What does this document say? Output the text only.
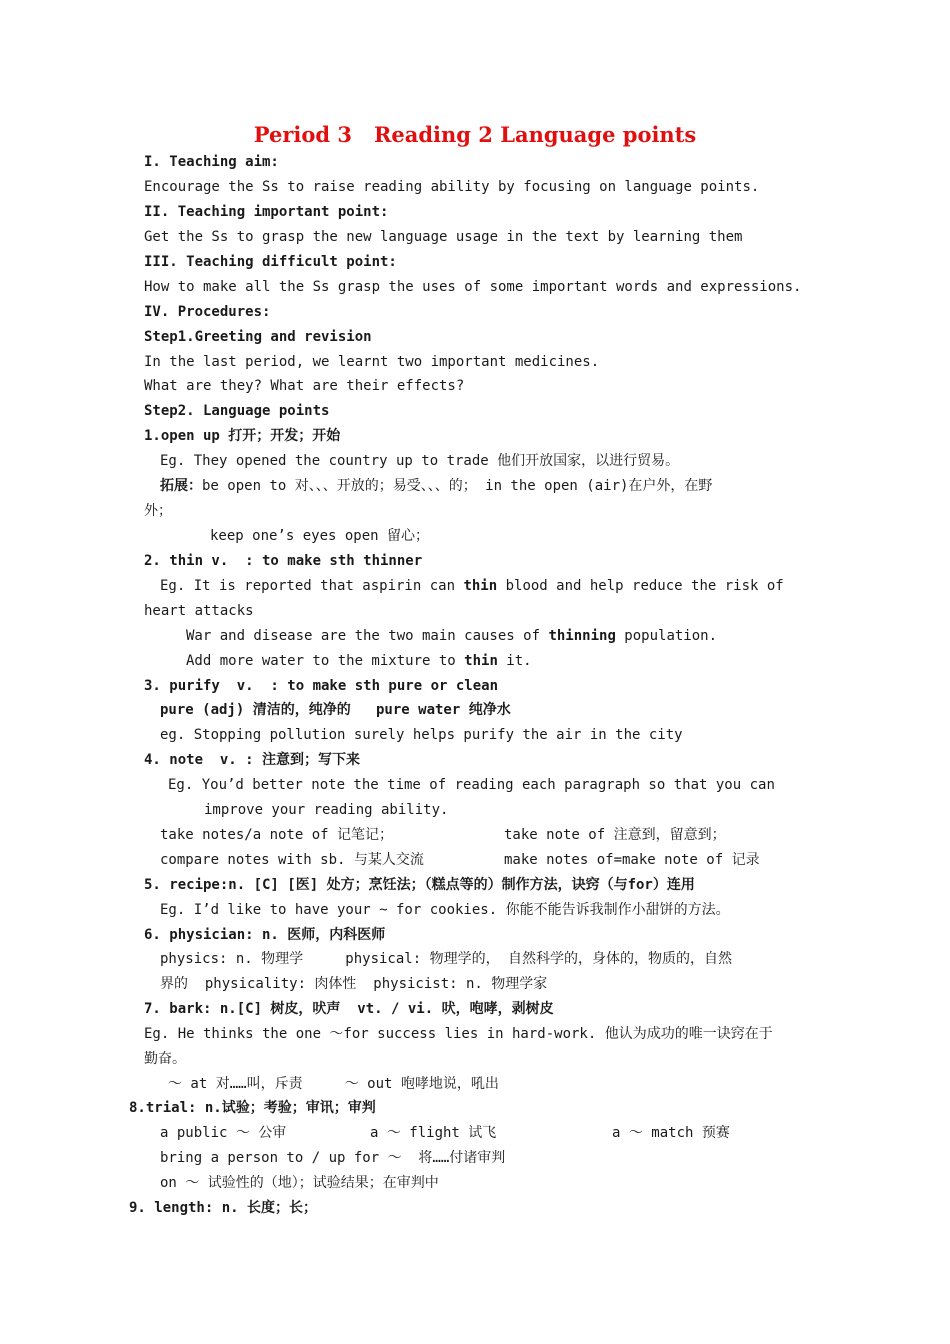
Period 3   Reading 2 Language points
I. Teaching aim:
Encourage the Ss to raise reading ability by focusing on language points.
II. Teaching important point:
Get the Ss to grasp the new language usage in the text by learning them
III. Teaching difficult point:
How to make all the Ss grasp the uses of some important words and expressions.
IV. Procedures:
Step1.Greeting and revision
In the last period, we learnt two important medicines.
What are they? What are their effects?
Step2. Language points
1.open up 打开；开发；开始
Eg. They opened the country up to trade 他们开放国家，以进行贸易。
拓展：be open to 对、、、开放的；易受、、、的； in the open (air)在户外，在野
外；
keep one’s eyes open 留心；
2. thin v.  : to make sth thinner
Eg. It is reported that aspirin can thin blood and help reduce the risk of
heart attacks
War and disease are the two main causes of thinning population.
Add more water to the mixture to thin it.
3. purify  v.  : to make sth pure or clean
pure (adj) 清洁的，纯净的   pure water 纯净水
eg. Stopping pollution surely helps purify the air in the city
4. note  v. : 注意到；写下来
Eg. You’d better note the time of reading each paragraph so that you can
improve your reading ability.
take notes/a note of 记笔记；	take note of 注意到，留意到；
compare notes with sb. 与某人交流	make notes of=make note of 记录
5. recipe:n. [C] [医] 处方；烹饪法；（糕点等的）制作方法，诀窍（与for）连用
Eg. I’d like to have your ~ for cookies. 你能不能告诉我制作小甜饼的方法。
6. physician: n. 医师，内科医师
physics: n. 物理学     physical: 物理学的， 自然科学的，身体的，物质的，自然
界的  physicality: 肉体性  physicist: n. 物理学家
7. bark: n.[C] 树皮，吠声  vt. / vi. 吠，咆哮，剥树皮
Eg. He thinks the one ～for success lies in hard-work. 他认为成功的唯一诀窍在于
勤奋。
～ at 对……叫，斥责     ～ out 咆哮地说，吼出
8.trial: n.试验；考验；审讯；审判
a public ～ 公审	a ～ flight 试飞	a ～ match 预赛
bring a person to / up for ～  将……付诸审判
on ～ 试验性的（地）；试验结果；在审判中
9. length: n. 长度；长；
